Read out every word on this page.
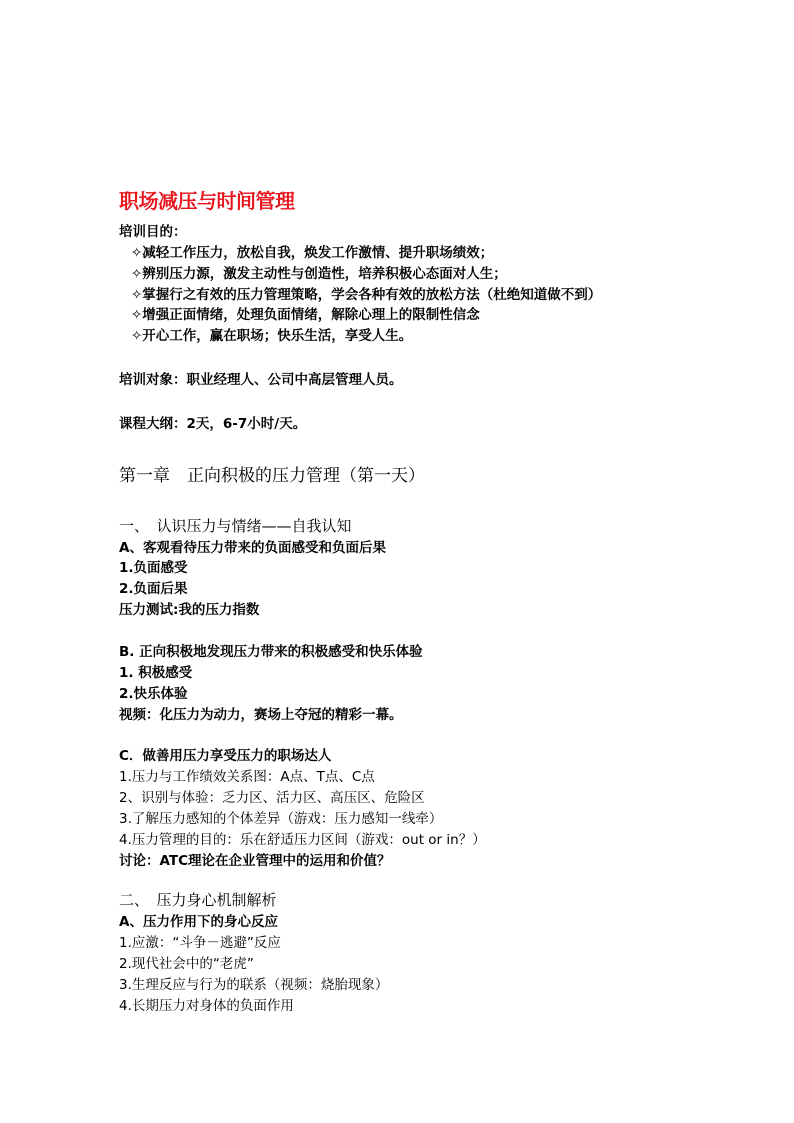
职场减压与时间管理
培训目的：
✧减轻工作压力，放松自我，焕发工作激情、提升职场绩效；
✧辨别压力源，激发主动性与创造性，培养积极心态面对人生；
✧掌握行之有效的压力管理策略，学会各种有效的放松方法（杜绝知道做不到）
✧增强正面情绪，处理负面情绪，解除心理上的限制性信念
✧开心工作，赢在职场；快乐生活，享受人生。
培训对象：职业经理人、公司中高层管理人员。
课程大纲：2天，6-7小时/天。
第一章　正向积极的压力管理（第一天）
一、　认识压力与情绪——自我认知
A、客观看待压力带来的负面感受和负面后果
1.负面感受
2.负面后果
压力测试:我的压力指数
B. 正向积极地发现压力带来的积极感受和快乐体验
1. 积极感受
2.快乐体验
视频：化压力为动力，赛场上夺冠的精彩一幕。
C．做善用压力享受压力的职场达人
1.压力与工作绩效关系图：A点、T点、C点
2、识别与体验：乏力区、活力区、高压区、危险区
3.了解压力感知的个体差异（游戏：压力感知一线牵）
4.压力管理的目的：乐在舒适压力区间（游戏：out or in？）
讨论：ATC理论在企业管理中的运用和价值？
二、　压力身心机制解析
A、压力作用下的身心反应
1.应激：“斗争－逃避”反应
2.现代社会中的“老虎”
3.生理反应与行为的联系（视频：烧胎现象）
4.长期压力对身体的负面作用
